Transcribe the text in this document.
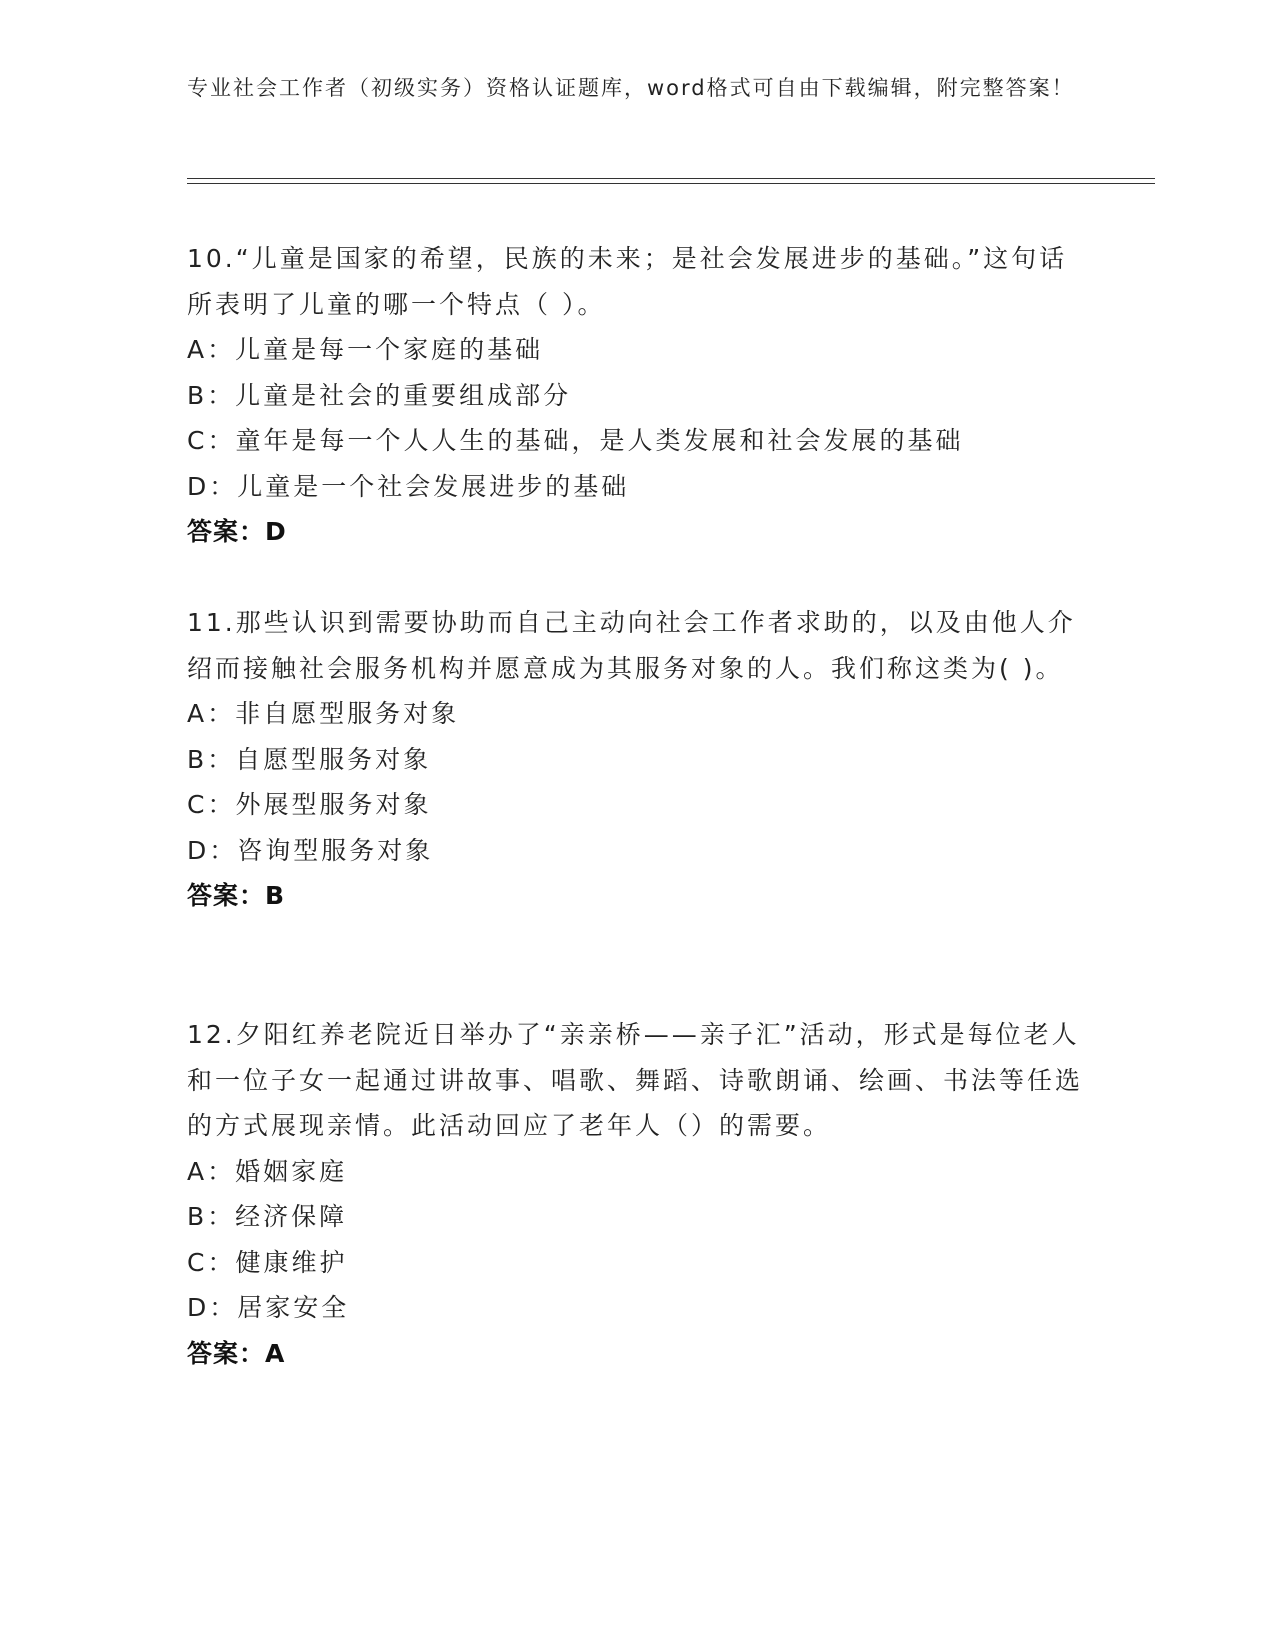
专业社会工作者（初级实务）资格认证题库，word格式可自由下载编辑，附完整答案！

10.“儿童是国家的希望，民族的未来；是社会发展进步的基础。”这句话所表明了儿童的哪一个特点（ ）。

A：儿童是每一个家庭的基础

B：儿童是社会的重要组成部分

C：童年是每一个人人生的基础，是人类发展和社会发展的基础

D：儿童是一个社会发展进步的基础

答案：D

11.那些认识到需要协助而自己主动向社会工作者求助的，以及由他人介绍而接触社会服务机构并愿意成为其服务对象的人。我们称这类为( )。

A：非自愿型服务对象

B：自愿型服务对象

C：外展型服务对象

D：咨询型服务对象

答案：B

12.夕阳红养老院近日举办了“亲亲桥——亲子汇”活动，形式是每位老人和一位子女一起通过讲故事、唱歌、舞蹈、诗歌朗诵、绘画、书法等任选的方式展现亲情。此活动回应了老年人（）的需要。

A：婚姻家庭

B：经济保障

C：健康维护

D：居家安全

答案：A
